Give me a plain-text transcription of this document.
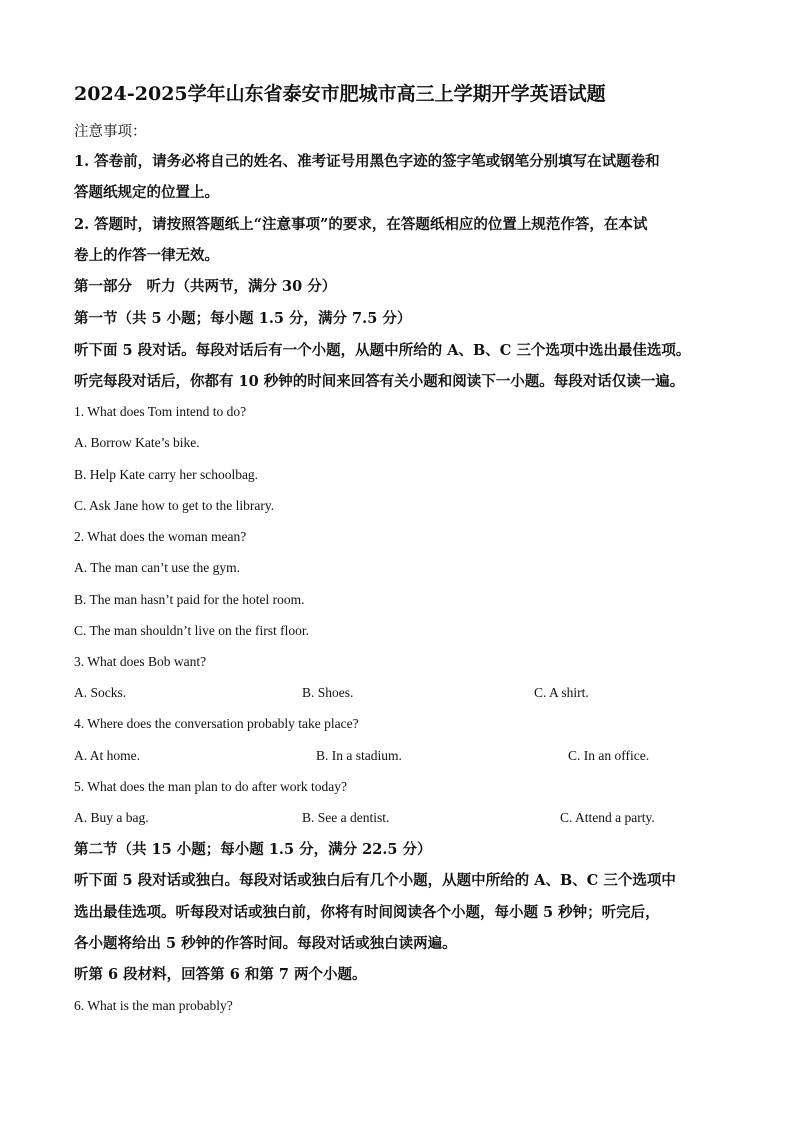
2024-2025学年山东省泰安市肥城市高三上学期开学英语试题
注意事项：
1. 答卷前，请务必将自己的姓名、准考证号用黑色字迹的签字笔或钢笔分别填写在试题卷和
答题纸规定的位置上。
2. 答题时，请按照答题纸上“注意事项”的要求，在答题纸相应的位置上规范作答，在本试
卷上的作答一律无效。
第一部分　听力（共两节，满分 30 分）
第一节（共 5 小题；每小题 1.5 分，满分 7.5 分）
听下面 5 段对话。每段对话后有一个小题，从题中所给的 A、B、C 三个选项中选出最佳选项。
听完每段对话后，你都有 10 秒钟的时间来回答有关小题和阅读下一小题。每段对话仅读一遍。
1. What does Tom intend to do?
A. Borrow Kate’s bike.
B. Help Kate carry her schoolbag.
C. Ask Jane how to get to the library.
2. What does the woman mean?
A. The man can’t use the gym.
B. The man hasn’t paid for the hotel room.
C. The man shouldn’t live on the first floor.
3. What does Bob want?
A. Socks.	B. Shoes.	C. A shirt.
4. Where does the conversation probably take place?
A. At home.	B. In a stadium.	C. In an office.
5. What does the man plan to do after work today?
A. Buy a bag.	B. See a dentist.	C. Attend a party.
第二节（共 15 小题；每小题 1.5 分，满分 22.5 分）
听下面 5 段对话或独白。每段对话或独白后有几个小题，从题中所给的 A、B、C 三个选项中
选出最佳选项。听每段对话或独白前，你将有时间阅读各个小题，每小题 5 秒钟；听完后，
各小题将给出 5 秒钟的作答时间。每段对话或独白读两遍。
听第 6 段材料，回答第 6 和第 7 两个小题。
6. What is the man probably?
